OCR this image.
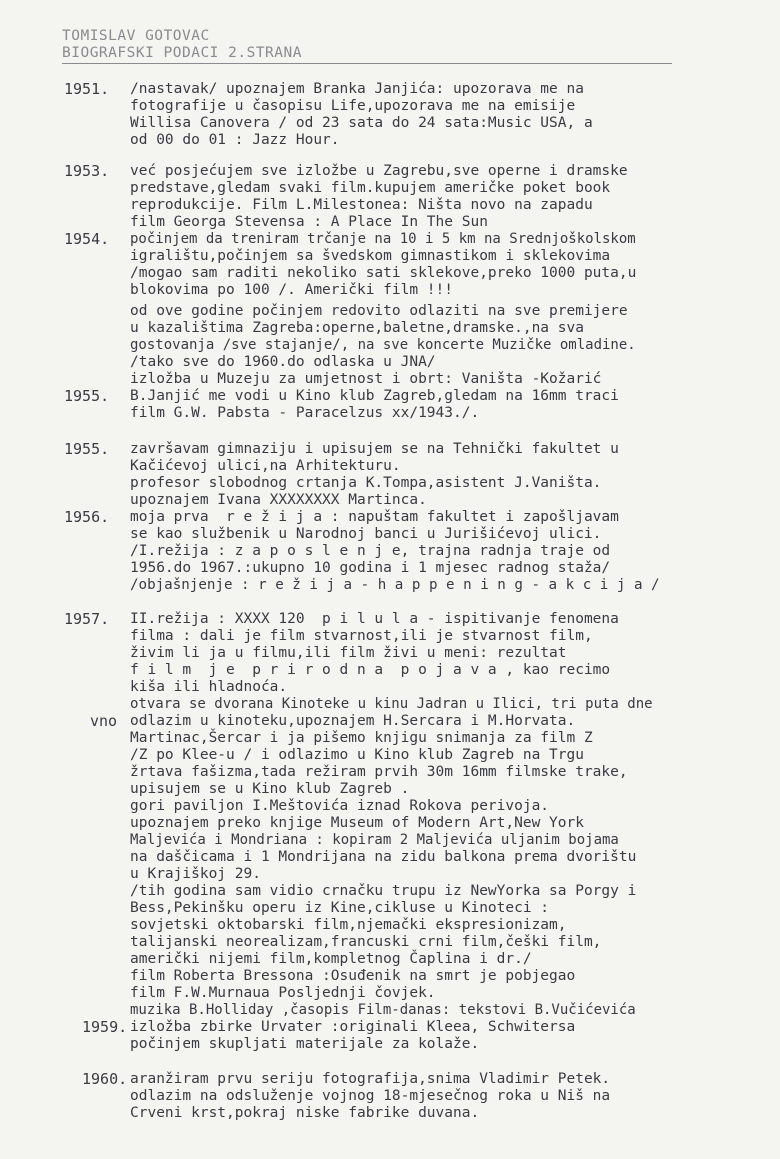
TOMISLAV GOTOVAC
BIOGRAFSKI PODACI 2.STRANA
1951.
1953.
1954.
1955.
1955.
1956.
1957.
vno
1959.
1960.
/nastavak/ upoznajem Branka Janjića: upozorava me na
fotografije u časopisu Life,upozorava me na emisije
Willisa Canovera / od 23 sata do 24 sata:Music USA, a
od 00 do 01 : Jazz Hour.
već posjećujem sve izložbe u Zagrebu,sve operne i dramske
predstave,gledam svaki film.kupujem američke poket book
reprodukcije. Film L.Milestonea: Ništa novo na zapadu
film Georga Stevensa : A Place In The Sun
počinjem da treniram trčanje na 10 i 5 km na Srednjoškolskom
igralištu,počinjem sa švedskom gimnastikom i sklekovima
/mogao sam raditi nekoliko sati sklekove,preko 1000 puta,u
blokovima po 100 /. Američki film !!!
od ove godine počinjem redovito odlaziti na sve premijere
u kazalištima Zagreba:operne,baletne,dramske.,na sva
gostovanja /sve stajanje/, na sve koncerte Muzičke omladine.
/tako sve do 1960.do odlaska u JNA/
izložba u Muzeju za umjetnost i obrt: Vaništa -Kožarić
B.Janjić me vodi u Kino klub Zagreb,gledam na 16mm traci
film G.W. Pabsta - Paracelzus xx/1943./.
završavam gimnaziju i upisujem se na Tehnički fakultet u
Kačićevoj ulici,na Arhitekturu.
profesor slobodnog crtanja K.Tompa,asistent J.Vaništa.
upoznajem Ivana XXXXXXXX Martinca.
moja prva  r e ž i j a : napuštam fakultet i zapošljavam
se kao službenik u Narodnoj banci u Jurišićevoj ulici.
/I.režija : z a p o s l e n j e, trajna radnja traje od
1956.do 1967.:ukupno 10 godina i 1 mjesec radnog staža/
/objašnjenje : r e ž i j a - h a p p e n i n g - a k c i j a /
II.režija : XXXX 120  p i l u l a - ispitivanje fenomena
filma : dali je film stvarnost,ili je stvarnost film,
živim li ja u filmu,ili film živi u meni: rezultat
f i l m  j e  p r i r o d n a  p o j a v a , kao recimo
kiša ili hladnoća.
otvara se dvorana Kinoteke u kinu Jadran u Ilici, tri puta dne
odlazim u kinoteku,upoznajem H.Sercara i M.Horvata.
Martinac,Šercar i ja pišemo knjigu snimanja za film Z
/Z po Klee-u / i odlazimo u Kino klub Zagreb na Trgu
žrtava fašizma,tada režiram prvih 30m 16mm filmske trake,
upisujem se u Kino klub Zagreb .
gori paviljon I.Meštovića iznad Rokova perivoja.
upoznajem preko knjige Museum of Modern Art,New York
Maljevića i Mondriana : kopiram 2 Maljevića uljanim bojama
na daščicama i 1 Mondrijana na zidu balkona prema dvorištu
u Krajiškoj 29.
/tih godina sam vidio crnačku trupu iz NewYorka sa Porgy i
Bess,Pekinšku operu iz Kine,cikluse u Kinoteci :
sovjetski oktobarski film,njemački ekspresionizam,
talijanski neorealizam,francuski crni film,češki film,
američki nijemi film,kompletnog Čaplina i dr./
film Roberta Bressona :Osuđenik na smrt je pobjegao
film F.W.Murnaua Posljednji čovjek.
muzika B.Holliday ,časopis Film-danas: tekstovi B.Vučićevića
izložba zbirke Urvater :originali Kleea, Schwitersa
počinjem skupljati materijale za kolaže.
aranžiram prvu seriju fotografija,snima Vladimir Petek.
odlazim na odsluženje vojnog 18-mjesečnog roka u Niš na
Crveni krst,pokraj niske fabrike duvana.
